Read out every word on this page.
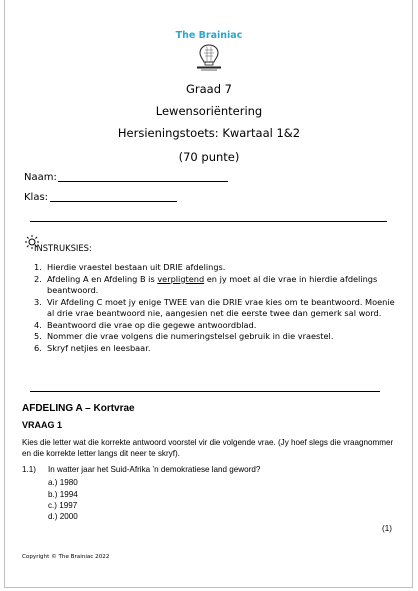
The Brainiac
Graad 7
Lewensoriëntering
Hersieningstoets: Kwartaal 1&2
(70 punte)
Naam:
Klas:
INSTRUKSIES:
1. Hierdie vraestel bestaan uit DRIE afdelings.
2. Afdeling A en Afdeling B is verpligtend en jy moet al die vrae in hierdie afdelings beantwoord.
3. Vir Afdeling C moet jy enige TWEE van die DRIE vrae kies om te beantwoord. Moenie al drie vrae beantwoord nie, aangesien net die eerste twee dan gemerk sal word.
4. Beantwoord die vrae op die gegewe antwoordblad.
5. Nommer die vrae volgens die numeringstelsel gebruik in die vraestel.
6. Skryf netjies en leesbaar.
AFDELING A – Kortvrae
VRAAG 1
Kies die letter wat die korrekte antwoord voorstel vir die volgende vrae. (Jy hoef slegs die vraagnommer en die korrekte letter langs dit neer te skryf).
1.1) In watter jaar het Suid-Afrika ’n demokratiese land geword?
a.) 1980
b.) 1994
c.) 1997
d.) 2000
(1)
Copyright © The Brainiac 2022
